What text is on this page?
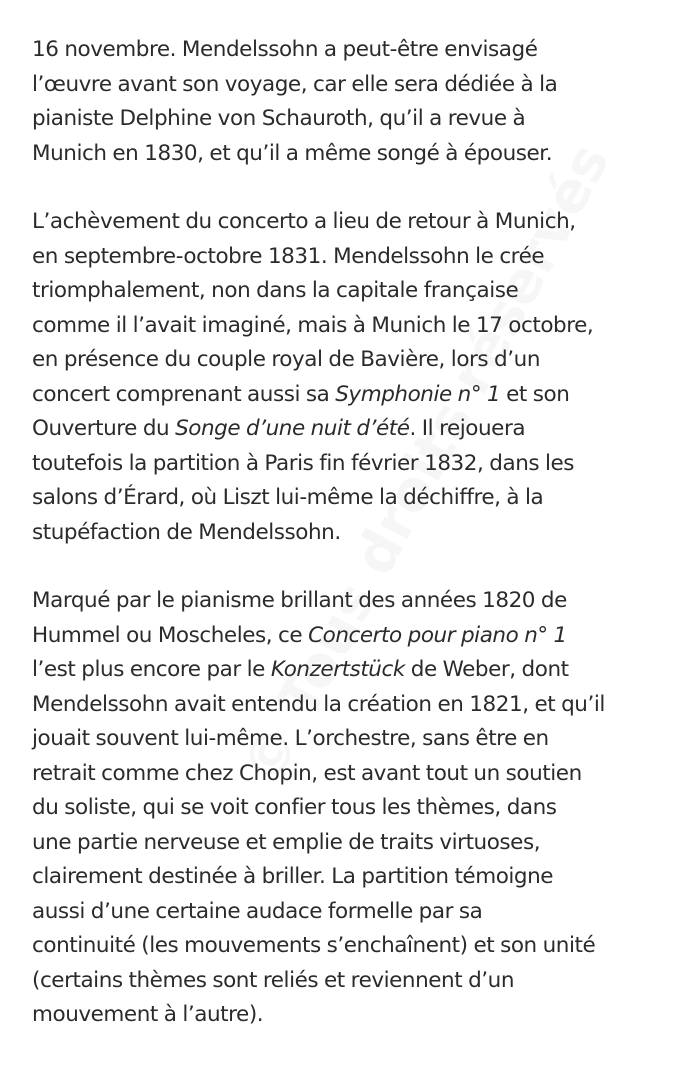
16 novembre. Mendelssohn a peut-être envisagé
l’œuvre avant son voyage, car elle sera dédiée à la
pianiste Delphine von Schauroth, qu’il a revue à
Munich en 1830, et qu’il a même songé à épouser.

L’achèvement du concerto a lieu de retour à Munich,
en septembre-octobre 1831. Mendelssohn le crée
triomphalement, non dans la capitale française
comme il l’avait imaginé, mais à Munich le 17 octobre,
en présence du couple royal de Bavière, lors d’un
concert comprenant aussi sa Symphonie n° 1 et son
Ouverture du Songe d’une nuit d’été. Il rejouera
toutefois la partition à Paris fin février 1832, dans les
salons d’Érard, où Liszt lui-même la déchiffre, à la
stupéfaction de Mendelssohn.

Marqué par le pianisme brillant des années 1820 de
Hummel ou Moscheles, ce Concerto pour piano n° 1
l’est plus encore par le Konzertstück de Weber, dont
Mendelssohn avait entendu la création en 1821, et qu’il
jouait souvent lui-même. L’orchestre, sans être en
retrait comme chez Chopin, est avant tout un soutien
du soliste, qui se voit confier tous les thèmes, dans
une partie nerveuse et emplie de traits virtuoses,
clairement destinée à briller. La partition témoigne
aussi d’une certaine audace formelle par sa
continuité (les mouvements s’enchaînent) et son unité
(certains thèmes sont reliés et reviennent d’un
mouvement à l’autre).
